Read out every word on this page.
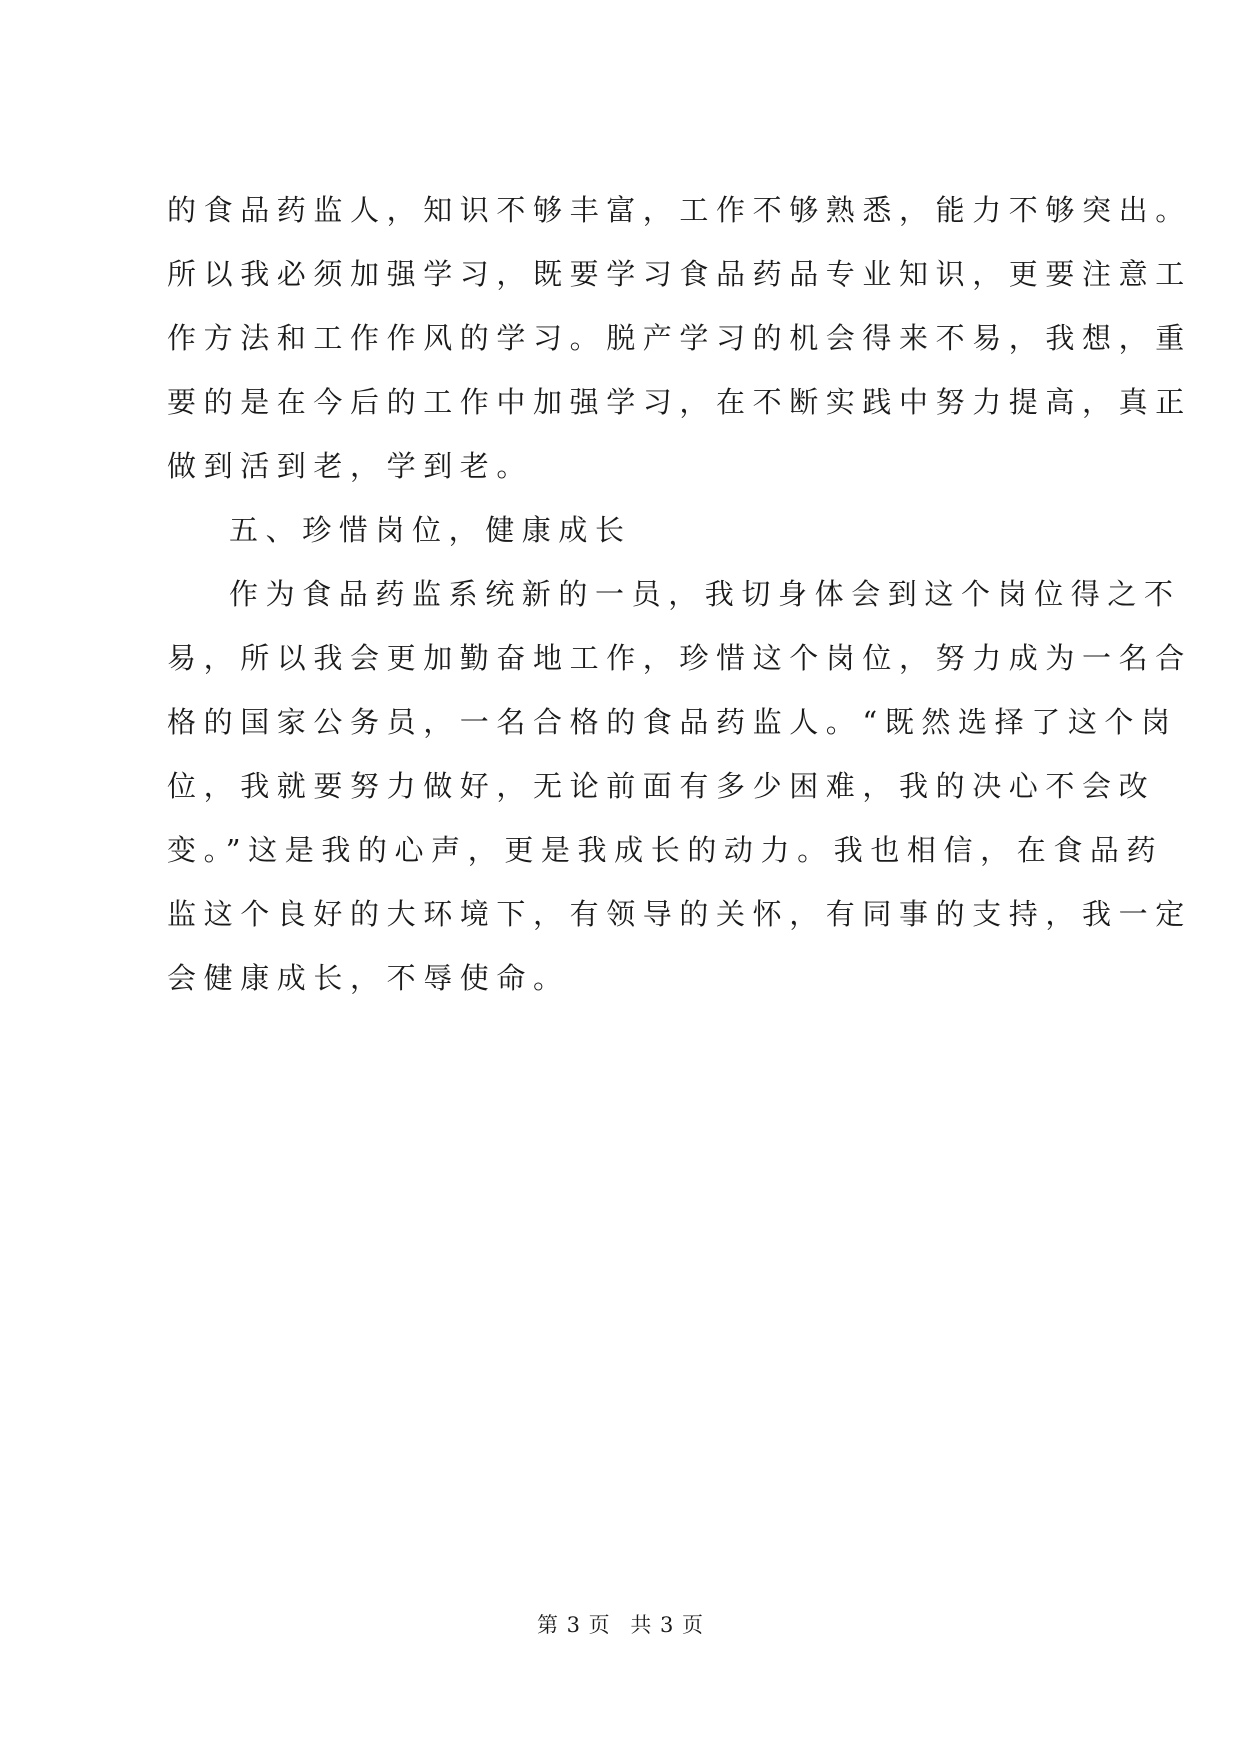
的食品药监人，知识不够丰富，工作不够熟悉，能力不够突出。
所以我必须加强学习，既要学习食品药品专业知识，更要注意工
作方法和工作作风的学习。脱产学习的机会得来不易，我想，重
要的是在今后的工作中加强学习，在不断实践中努力提高，真正
做到活到老，学到老。
五、珍惜岗位，健康成长
作为食品药监系统新的一员，我切身体会到这个岗位得之不
易，所以我会更加勤奋地工作，珍惜这个岗位，努力成为一名合
格的国家公务员，一名合格的食品药监人。“既然选择了这个岗
位，我就要努力做好，无论前面有多少困难，我的决心不会改
变。”这是我的心声，更是我成长的动力。我也相信，在食品药
监这个良好的大环境下，有领导的关怀，有同事的支持，我一定
会健康成长，不辱使命。
第 3 页 共 3 页
